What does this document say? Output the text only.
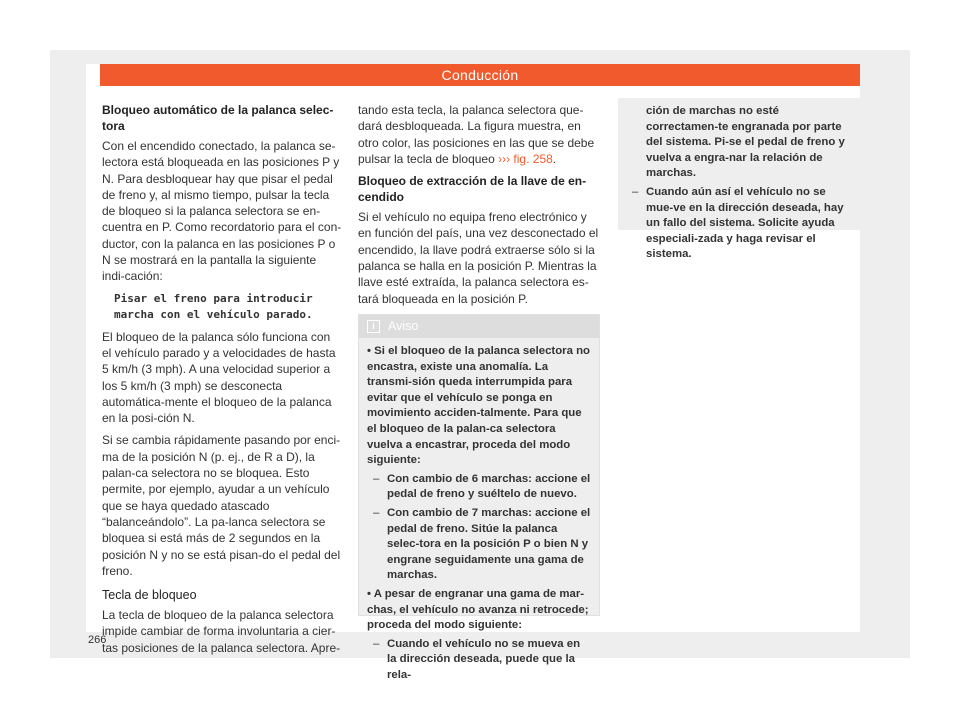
Conducción
Bloqueo automático de la palanca selec-tora

Con el encendido conectado, la palanca se-lectora está bloqueada en las posiciones P y N. Para desbloquear hay que pisar el pedal de freno y, al mismo tiempo, pulsar la tecla de bloqueo si la palanca selectora se en-cuentra en P. Como recordatorio para el con-ductor, con la palanca en las posiciones P o N se mostrará en la pantalla la siguiente indi-cación:

Pisar el freno para introducir
marcha con el vehículo parado.

El bloqueo de la palanca sólo funciona con el vehículo parado y a velocidades de hasta 5 km/h (3 mph). A una velocidad superior a los 5 km/h (3 mph) se desconecta automática-mente el bloqueo de la palanca en la posi-ción N.

Si se cambia rápidamente pasando por enci-ma de la posición N (p. ej., de R a D), la palan-ca selectora no se bloquea. Esto permite, por ejemplo, ayudar a un vehículo que se haya quedado atascado “balanceándolo”. La pa-lanca selectora se bloquea si está más de 2 segundos en la posición N y no se está pisan-do el pedal del freno.

Tecla de bloqueo

La tecla de bloqueo de la palanca selectora impide cambiar de forma involuntaria a cier-tas posiciones de la palanca selectora. Apre-

tando esta tecla, la palanca selectora que-dará desbloqueada. La figura muestra, en otro color, las posiciones en las que se debe pulsar la tecla de bloqueo ››› fig. 258.

Bloqueo de extracción de la llave de en-cendido

Si el vehículo no equipa freno electrónico y en función del país, una vez desconectado el encendido, la llave podrá extraerse sólo si la palanca se halla en la posición P. Mientras la llave esté extraída, la palanca selectora es-tará bloqueada en la posición P.

i Aviso

• Si el bloqueo de la palanca selectora no encastra, existe una anomalía. La transmi-sión queda interrumpida para evitar que el vehículo se ponga en movimiento acciden-talmente. Para que el bloqueo de la palan-ca selectora vuelva a encastrar, proceda del modo siguiente:

– Con cambio de 6 marchas: accione el pedal de freno y suéltelo de nuevo.

– Con cambio de 7 marchas: accione el pedal de freno. Sitúe la palanca selec-tora en la posición P o bien N y engrane seguidamente una gama de marchas.

• A pesar de engranar una gama de mar-chas, el vehículo no avanza ni retrocede; proceda del modo siguiente:

– Cuando el vehículo no se mueva en la dirección deseada, puede que la rela-

ción de marchas no esté correctamen-te engranada por parte del sistema. Pi-se el pedal de freno y vuelva a engra-nar la relación de marchas.

– Cuando aún así el vehículo no se mue-ve en la dirección deseada, hay un fallo del sistema. Solicite ayuda especiali-zada y haga revisar el sistema.

266
